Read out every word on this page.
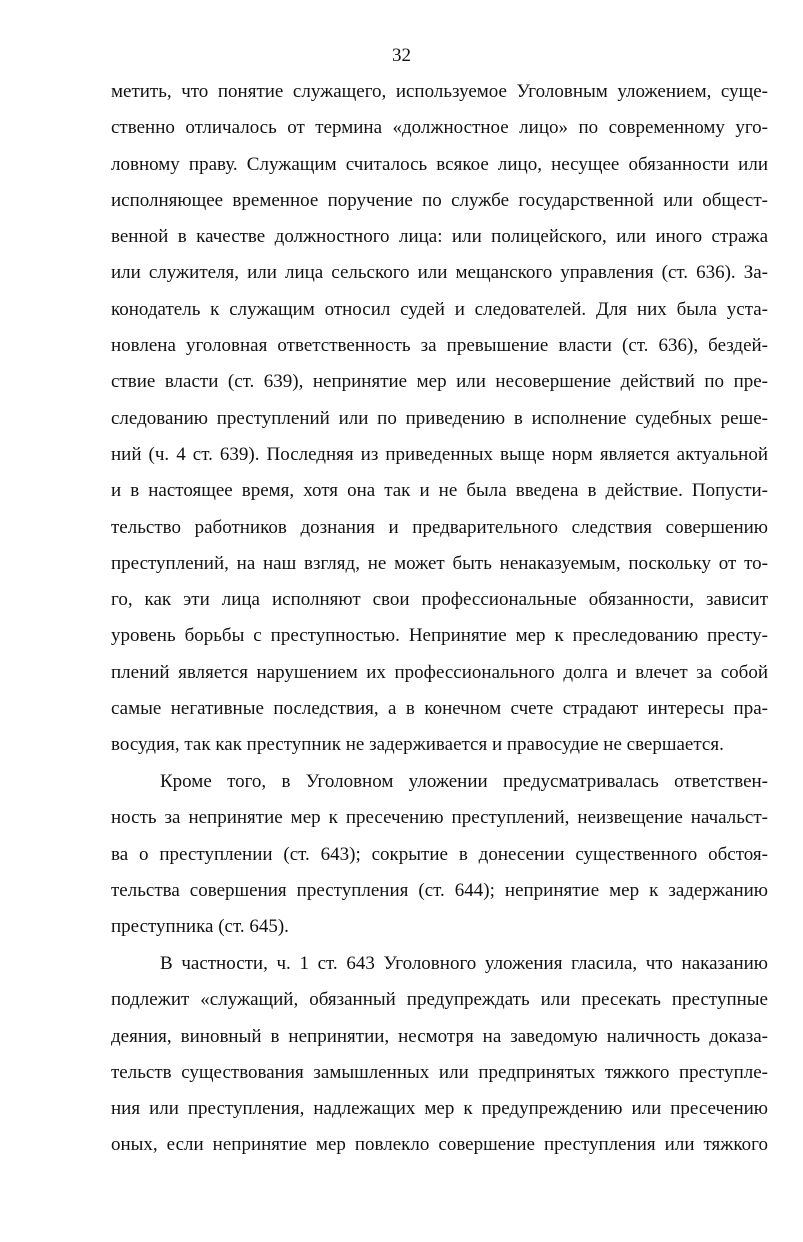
32
метить, что понятие служащего, используемое Уголовным уложением, суще-
ственно отличалось от термина «должностное лицо» по современному уго-
ловному праву. Служащим считалось всякое лицо, несущее обязанности или
исполняющее временное поручение по службе государственной или общест-
венной в качестве должностного лица: или полицейского, или иного стража
или служителя, или лица сельского или мещанского управления (ст. 636). За-
конодатель к служащим относил судей и следователей. Для них была уста-
новлена уголовная ответственность за превышение власти (ст. 636), бездей-
ствие власти (ст. 639), непринятие мер или несовершение действий по пре-
следованию преступлений или по приведению в исполнение судебных реше-
ний (ч. 4 ст. 639). Последняя из приведенных выще норм является актуальной
и в настоящее время, хотя она так и не была введена в действие. Попусти-
тельство работников дознания и предварительного следствия совершению
преступлений, на наш взгляд, не может быть ненаказуемым, поскольку от то-
го, как эти лица исполняют свои профессиональные обязанности, зависит
уровень борьбы с преступностью. Непринятие мер к преследованию престу-
плений является нарушением их профессионального долга и влечет за собой
самые негативные последствия, а в конечном счете страдают интересы пра-
восудия, так как преступник не задерживается и правосудие не свершается.
Кроме того, в Уголовном уложении предусматривалась ответствен-
ность за непринятие мер к пресечению преступлений, неизвещение начальст-
ва о преступлении (ст. 643); сокрытие в донесении существенного обстоя-
тельства совершения преступления (ст. 644); непринятие мер к задержанию
преступника (ст. 645).
В частности, ч. 1 ст. 643 Уголовного уложения гласила, что наказанию
подлежит «служащий, обязанный предупреждать или пресекать преступные
деяния, виновный в непринятии, несмотря на заведомую наличность доказа-
тельств существования замышленных или предпринятых тяжкого преступле-
ния или преступления, надлежащих мер к предупреждению или пресечению
оных, если непринятие мер повлекло совершение преступления или тяжкого
